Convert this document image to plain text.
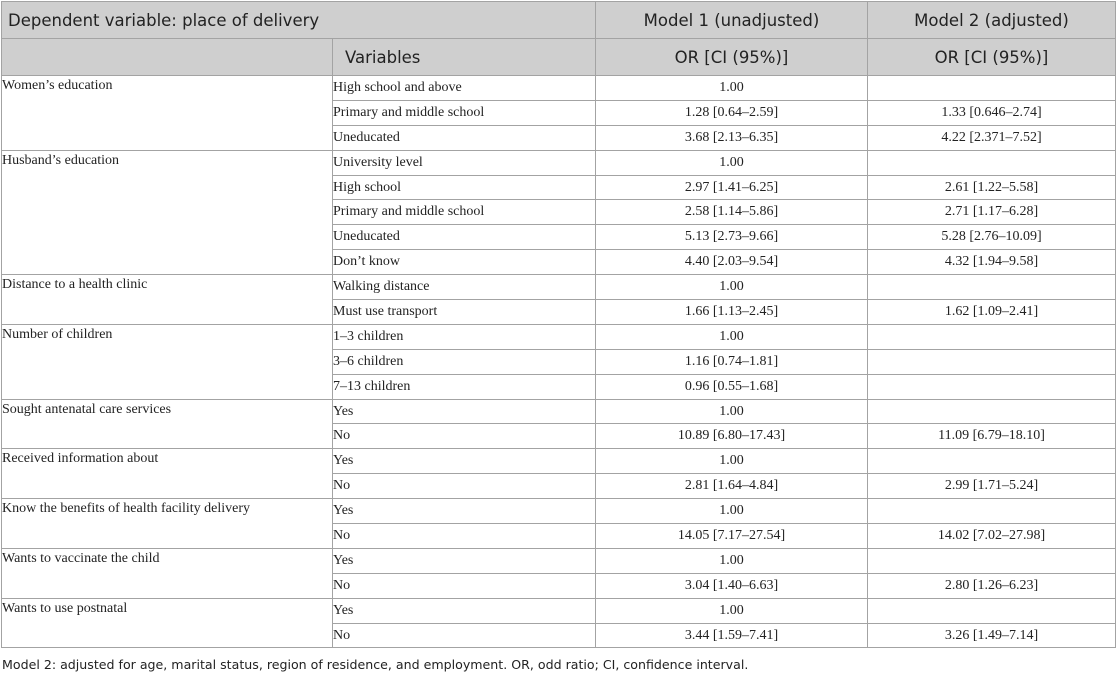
Dependent variable: place of delivery		Model 1 (unadjusted)	Model 2 (adjusted)
	Variables	OR [CI (95%)]	OR [CI (95%)]
Women’s education	High school and above	1.00	
	Primary and middle school	1.28 [0.64–2.59]	1.33 [0.646–2.74]
	Uneducated	3.68 [2.13–6.35]	4.22 [2.371–7.52]
Husband’s education	University level	1.00	
	High school	2.97 [1.41–6.25]	2.61 [1.22–5.58]
	Primary and middle school	2.58 [1.14–5.86]	2.71 [1.17–6.28]
	Uneducated	5.13 [2.73–9.66]	5.28 [2.76–10.09]
	Don’t know	4.40 [2.03–9.54]	4.32 [1.94–9.58]
Distance to a health clinic	Walking distance	1.00	
	Must use transport	1.66 [1.13–2.45]	1.62 [1.09–2.41]
Number of children	1–3 children	1.00	
	3–6 children	1.16 [0.74–1.81]	
	7–13 children	0.96 [0.55–1.68]	
Sought antenatal care services	Yes	1.00	
	No	10.89 [6.80–17.43]	11.09 [6.79–18.10]
Received information about	Yes	1.00	
	No	2.81 [1.64–4.84]	2.99 [1.71–5.24]
Know the benefits of health facility delivery	Yes	1.00	
	No	14.05 [7.17–27.54]	14.02 [7.02–27.98]
Wants to vaccinate the child	Yes	1.00	
	No	3.04 [1.40–6.63]	2.80 [1.26–6.23]
Wants to use postnatal	Yes	1.00	
	No	3.44 [1.59–7.41]	3.26 [1.49–7.14]
Model 2: adjusted for age, marital status, region of residence, and employment. OR, odd ratio; CI, confidence interval.
